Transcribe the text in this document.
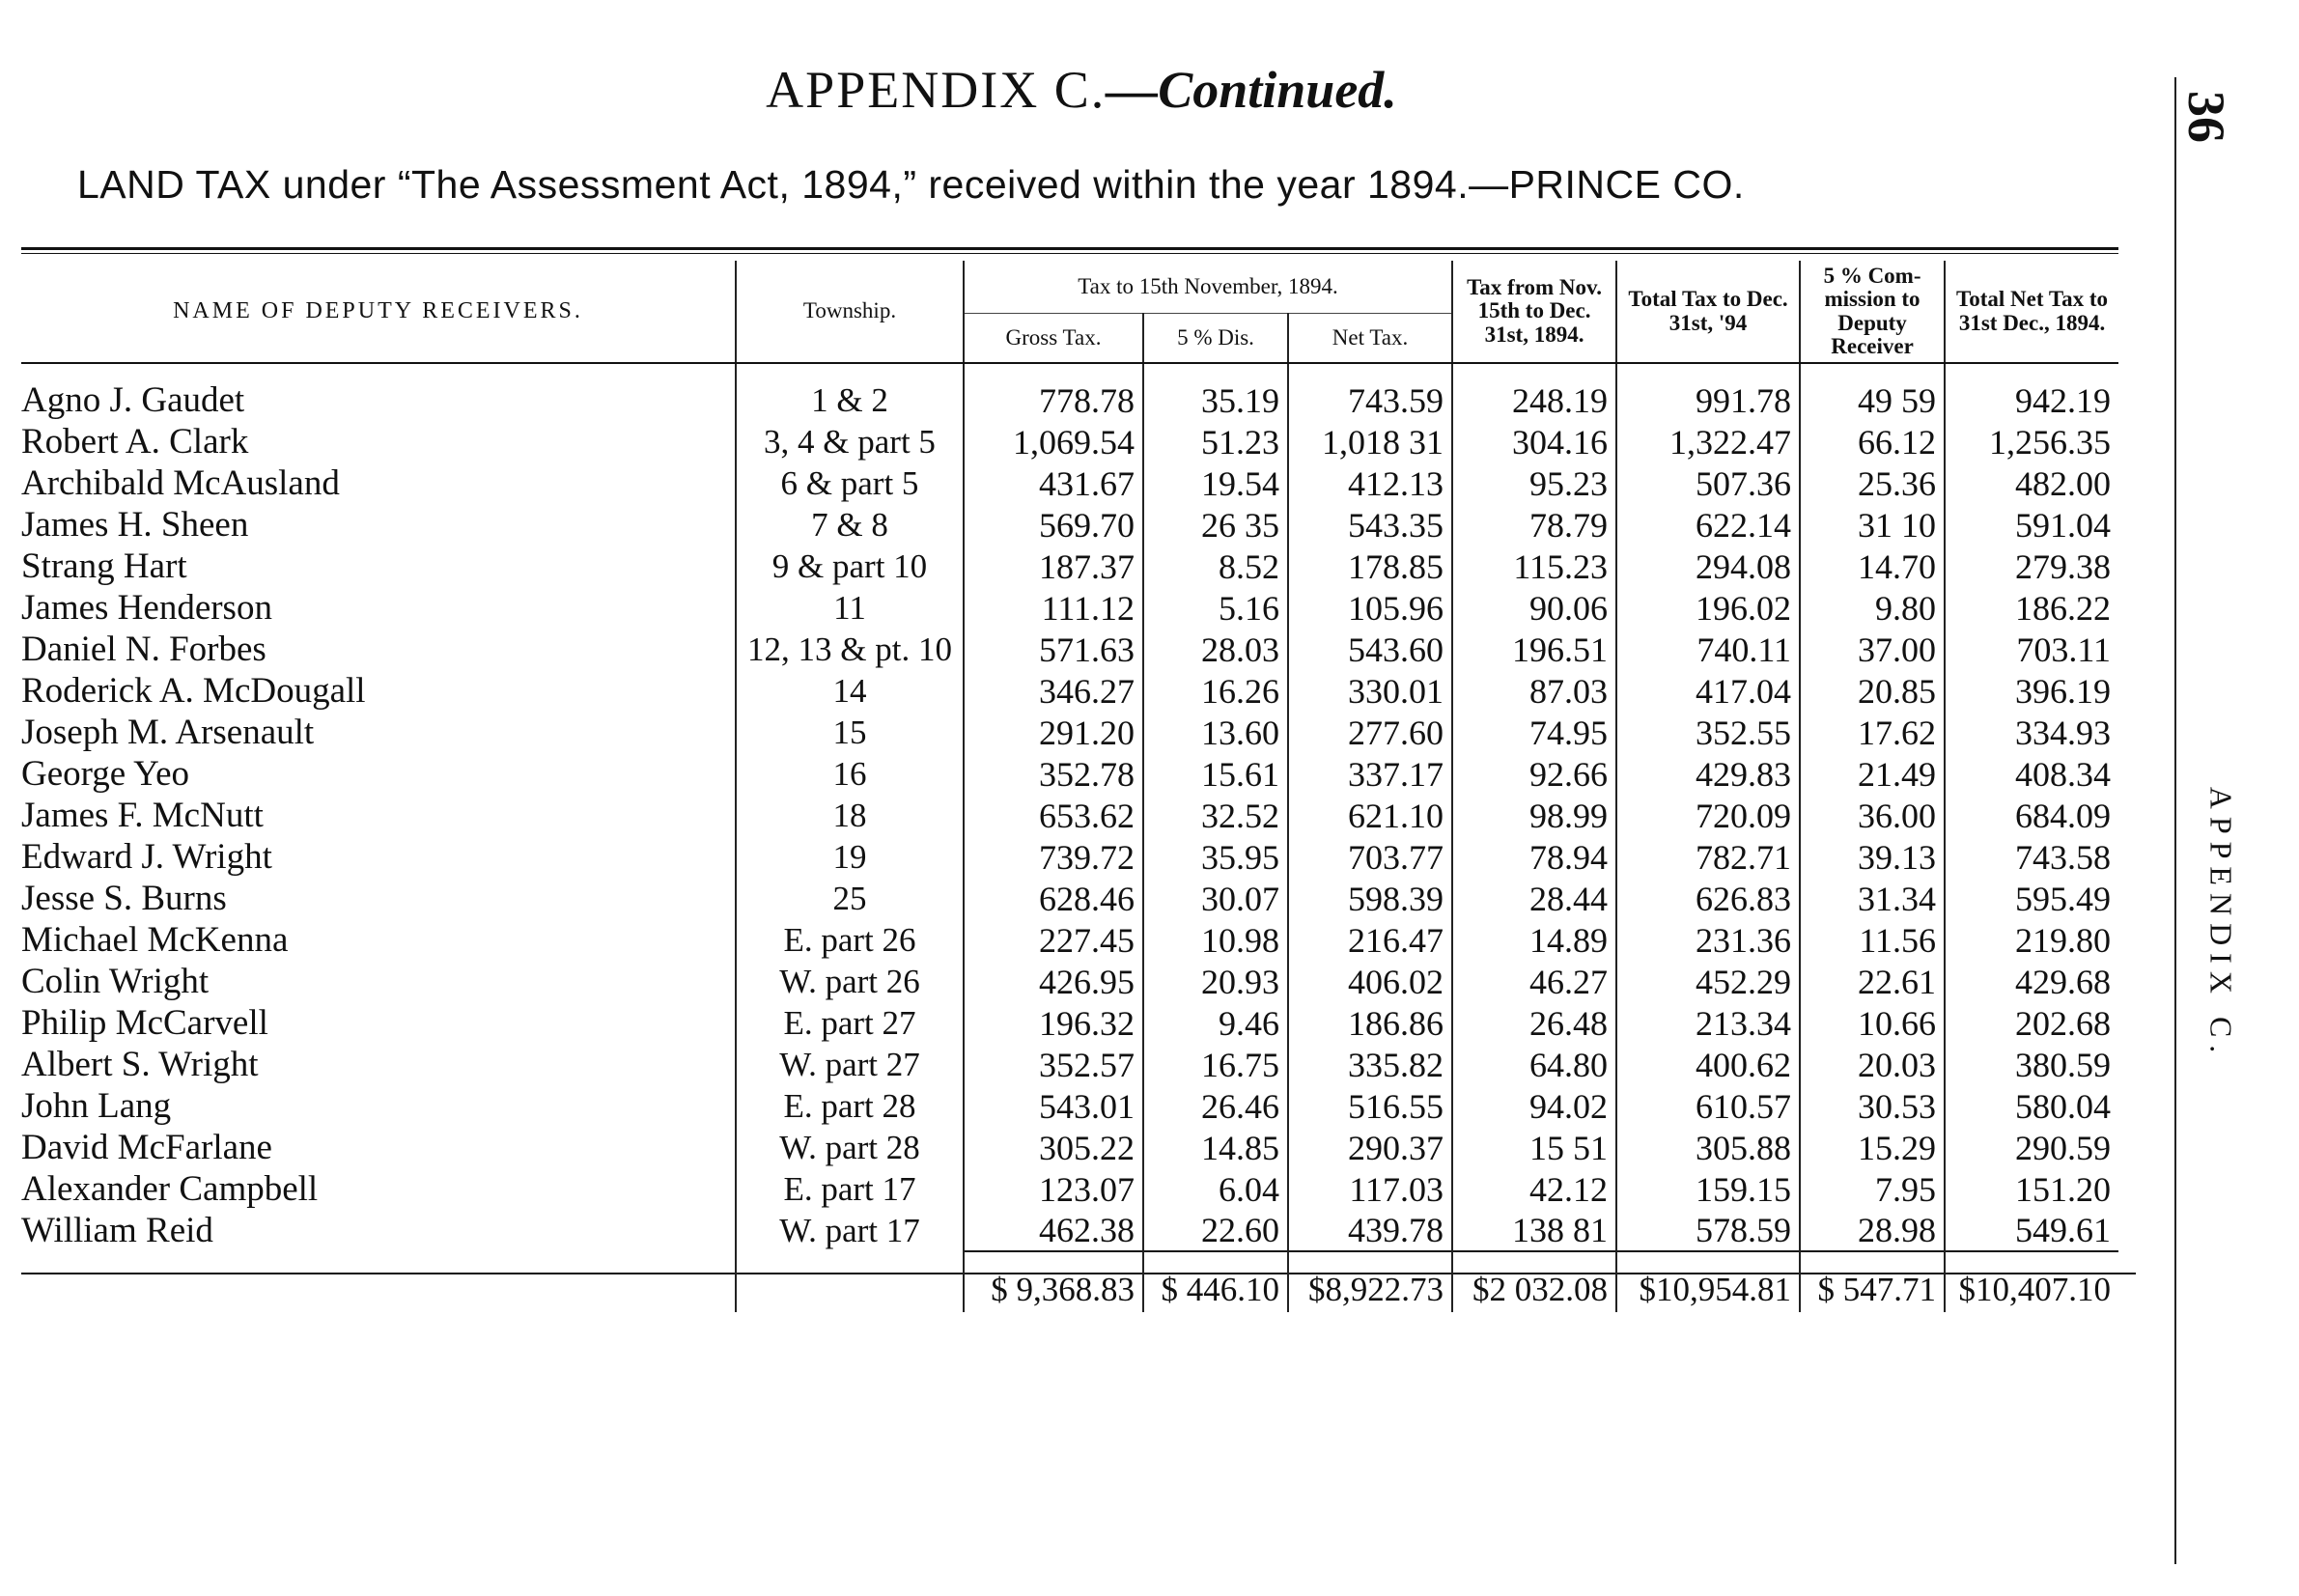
APPENDIX C.—Continued.	36
LAND TAX under “The Assessment Act, 1894,” received within the year 1894.—PRINCE CO.
APPENDIX C.
NAME OF DEPUTY RECEIVERS.	Township.	Tax to 15th November, 1894.			Tax from Nov. 15th to Dec. 31st, 1894.	Total Tax to Dec. 31st, '94	5 % Com-mission to Deputy Receiver	Total Net Tax to 31st Dec., 1894.
		Gross Tax.	5 % Dis.	Net Tax.				
Agno J. Gaudet	1 & 2	778.78	35.19	743.59	248.19	991.78	49 59	942.19
Robert A. Clark	3, 4 & part 5	1,069.54	51.23	1,018 31	304.16	1,322.47	66.12	1,256.35
Archibald McAusland	6 & part 5	431.67	19.54	412.13	95.23	507.36	25.36	482.00
James H. Sheen	7 & 8	569.70	26 35	543.35	78.79	622.14	31 10	591.04
Strang Hart	9 & part 10	187.37	8.52	178.85	115.23	294.08	14.70	279.38
James Henderson	11	111.12	5.16	105.96	90.06	196.02	9.80	186.22
Daniel N. Forbes	12, 13 & pt. 10	571.63	28.03	543.60	196.51	740.11	37.00	703.11
Roderick A. McDougall	14	346.27	16.26	330.01	87.03	417.04	20.85	396.19
Joseph M. Arsenault	15	291.20	13.60	277.60	74.95	352.55	17.62	334.93
George Yeo	16	352.78	15.61	337.17	92.66	429.83	21.49	408.34
James F. McNutt	18	653.62	32.52	621.10	98.99	720.09	36.00	684.09
Edward J. Wright	19	739.72	35.95	703.77	78.94	782.71	39.13	743.58
Jesse S. Burns	25	628.46	30.07	598.39	28.44	626.83	31.34	595.49
Michael McKenna	E. part 26	227.45	10.98	216.47	14.89	231.36	11.56	219.80
Colin Wright	W. part 26	426.95	20.93	406.02	46.27	452.29	22.61	429.68
Philip McCarvell	E. part 27	196.32	9.46	186.86	26.48	213.34	10.66	202.68
Albert S. Wright	W. part 27	352.57	16.75	335.82	64.80	400.62	20.03	380.59
John Lang	E. part 28	543.01	26.46	516.55	94.02	610.57	30.53	580.04
David McFarlane	W. part 28	305.22	14.85	290.37	15 51	305.88	15.29	290.59
Alexander Campbell	E. part 17	123.07	6.04	117.03	42.12	159.15	7.95	151.20
William Reid	W. part 17	462.38	22.60	439.78	138 81	578.59	28.98	549.61
		$ 9,368.83	$ 446.10	$8,922.73	$2 032.08	$10,954.81	$ 547.71	$10,407.10
